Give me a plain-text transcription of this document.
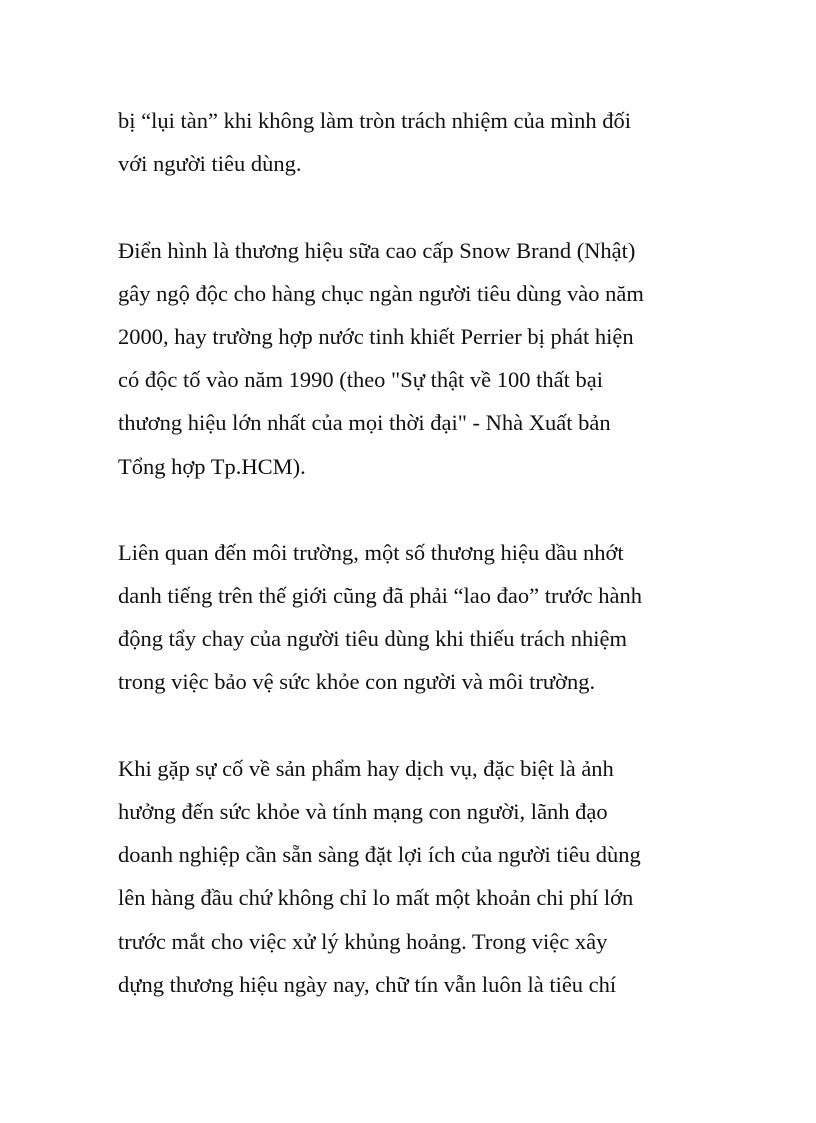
bị “lụi tàn” khi không làm tròn trách nhiệm của mình đối
với người tiêu dùng.
Điển hình là thương hiệu sữa cao cấp Snow Brand (Nhật)
gây ngộ độc cho hàng chục ngàn người tiêu dùng vào năm
2000, hay trường hợp nước tinh khiết Perrier bị phát hiện
có độc tố vào năm 1990 (theo "Sự thật về 100 thất bại
thương hiệu lớn nhất của mọi thời đại" - Nhà Xuất bản
Tổng hợp Tp.HCM).
Liên quan đến môi trường, một số thương hiệu dầu nhớt
danh tiếng trên thế giới cũng đã phải “lao đao” trước hành
động tẩy chay của người tiêu dùng khi thiếu trách nhiệm
trong việc bảo vệ sức khỏe con người và môi trường.
Khi gặp sự cố về sản phẩm hay dịch vụ, đặc biệt là ảnh
hưởng đến sức khỏe và tính mạng con người, lãnh đạo
doanh nghiệp cần sẵn sàng đặt lợi ích của người tiêu dùng
lên hàng đầu chứ không chỉ lo mất một khoản chi phí lớn
trước mắt cho việc xử lý khủng hoảng. Trong việc xây
dựng thương hiệu ngày nay, chữ tín vẫn luôn là tiêu chí
